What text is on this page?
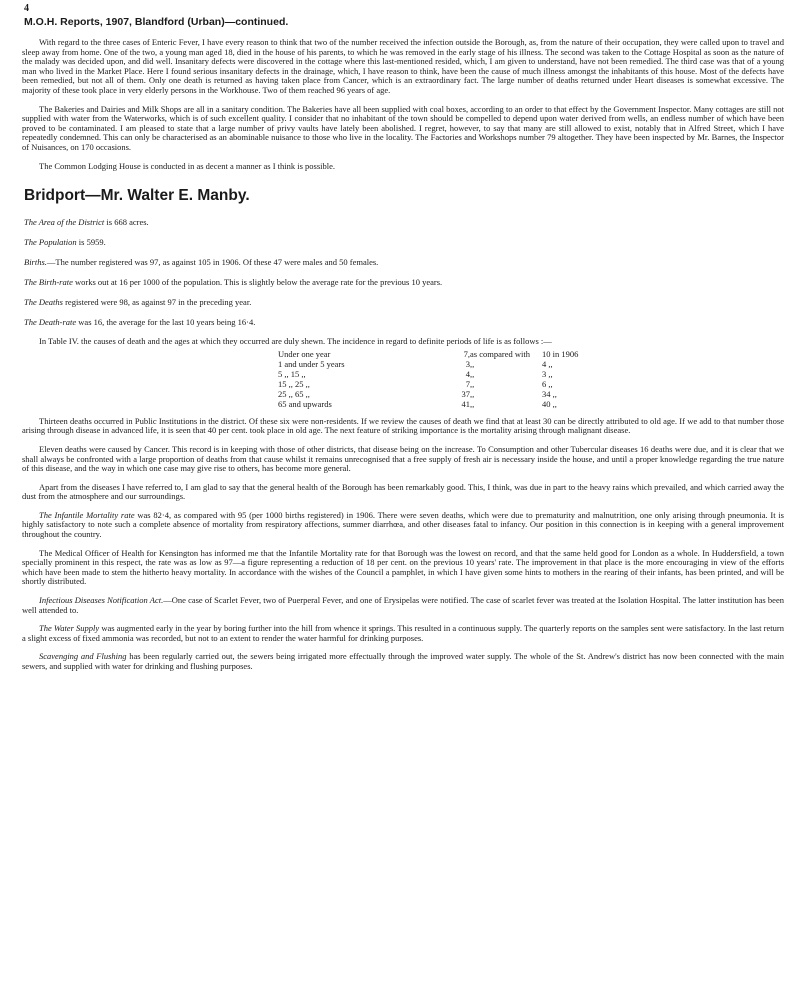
4
M.O.H. Reports, 1907, Blandford (Urban)—continued.

With regard to the three cases of Enteric Fever, I have every reason to think that two of the number received the infection outside the Borough, as, from the nature of their occupation, they were called upon to travel and sleep away from home. One of the two, a young man aged 18, died in the house of his parents, to which he was removed in the early stage of his illness. The second was taken to the Cottage Hospital as soon as the nature of the malady was decided upon, and did well. Insanitary defects were discovered in the cottage where this last-mentioned resided, which, I am given to understand, have not been remedied. The third case was that of a young man who lived in the Market Place. Here I found serious insanitary defects in the drainage, which, I have reason to think, have been the cause of much illness amongst the inhabitants of this house. Most of the defects have been remedied, but not all of them. Only one death is returned as having taken place from Cancer, which is an extraordinary fact. The large number of deaths returned under Heart diseases is somewhat excessive. The majority of these took place in very elderly persons in the Workhouse. Two of them reached 96 years of age.

The Bakeries and Dairies and Milk Shops are all in a sanitary condition. The Bakeries have all been supplied with coal boxes, according to an order to that effect by the Government Inspector. Many cottages are still not supplied with water from the Waterworks, which is of such excellent quality. I consider that no inhabitant of the town should be compelled to depend upon water derived from wells, an endless number of which have been proved to be contaminated. I am pleased to state that a large number of privy vaults have lately been abolished. I regret, however, to say that many are still allowed to exist, notably that in Alfred Street, which I have repeatedly condemned. This can only be characterised as an abominable nuisance to those who live in the locality. The Factories and Workshops number 79 altogether. They have been inspected by Mr. Barnes, the Inspector of Nuisances, on 170 occasions.

The Common Lodging House is conducted in as decent a manner as I think is possible.

Bridport—Mr. Walter E. Manby.
The Area of the District is 668 acres.
The Population is 5959.
Births.—The number registered was 97, as against 105 in 1906. Of these 47 were males and 50 females.
The Birth-rate works out at 16 per 1000 of the population. This is slightly below the average rate for the previous 10 years.
The Deaths registered were 98, as against 97 in the preceding year.
The Death-rate was 16, the average for the last 10 years being 16·4.

In Table IV. the causes of death and the ages at which they occurred are duly shewn. The incidence in regard to definite periods of life is as follows :—

Under one year	7,	as compared with	10 in 1906
1 and under 5 years	3	,,	4 ,,
5 ,, 15 ,,	4	,,	3 ,,
15 ,, 25 ,,	7	,,	6 ,,
25 ,, 65 ,,	37	,,	34 ,,
65 and upwards	41	,,	40 ,,

Thirteen deaths occurred in Public Institutions in the district. Of these six were non-residents. If we review the causes of death we find that at least 30 can be directly attributed to old age. If we add to that number those arising through disease in advanced life, it is seen that 40 per cent. took place in old age. The next feature of striking importance is the mortality arising through malignant disease.

Eleven deaths were caused by Cancer. This record is in keeping with those of other districts, that disease being on the increase. To Consumption and other Tubercular diseases 16 deaths were due, and it is clear that we shall always be confronted with a large proportion of deaths from that cause whilst it remains unrecognised that a free supply of fresh air is necessary inside the house, and until a proper knowledge regarding the true nature of this disease, and the way in which one case may give rise to others, has become more general.

Apart from the diseases I have referred to, I am glad to say that the general health of the Borough has been remarkably good. This, I think, was due in part to the heavy rains which prevailed, and which carried away the dust from the atmosphere and our surroundings.

The Infantile Mortality rate was 82·4, as compared with 95 (per 1000 births registered) in 1906. There were seven deaths, which were due to prematurity and malnutrition, one only arising through pneumonia. It is highly satisfactory to note such a complete absence of mortality from respiratory affections, summer diarrhœa, and other diseases fatal to infancy. Our position in this connection is in keeping with a general improvement throughout the country.

The Medical Officer of Health for Kensington has informed me that the Infantile Mortality rate for that Borough was the lowest on record, and that the same held good for London as a whole. In Huddersfield, a town specially prominent in this respect, the rate was as low as 97—a figure representing a reduction of 18 per cent. on the previous 10 years' rate. The improvement in that place is the more encouraging in view of the efforts which have been made to stem the hitherto heavy mortality. In accordance with the wishes of the Council a pamphlet, in which I have given some hints to mothers in the rearing of their infants, has been printed, and will be shortly distributed.

Infectious Diseases Notification Act.—One case of Scarlet Fever, two of Puerperal Fever, and one of Erysipelas were notified. The case of scarlet fever was treated at the Isolation Hospital. The latter institution has been well attended to.

The Water Supply was augmented early in the year by boring further into the hill from whence it springs. This resulted in a continuous supply. The quarterly reports on the samples sent were satisfactory. In the last return a slight excess of fixed ammonia was recorded, but not to an extent to render the water harmful for drinking purposes.

Scavenging and Flushing has been regularly carried out, the sewers being irrigated more effectually through the improved water supply. The whole of the St. Andrew's district has now been connected with the main sewers, and supplied with water for drinking and flushing purposes.
